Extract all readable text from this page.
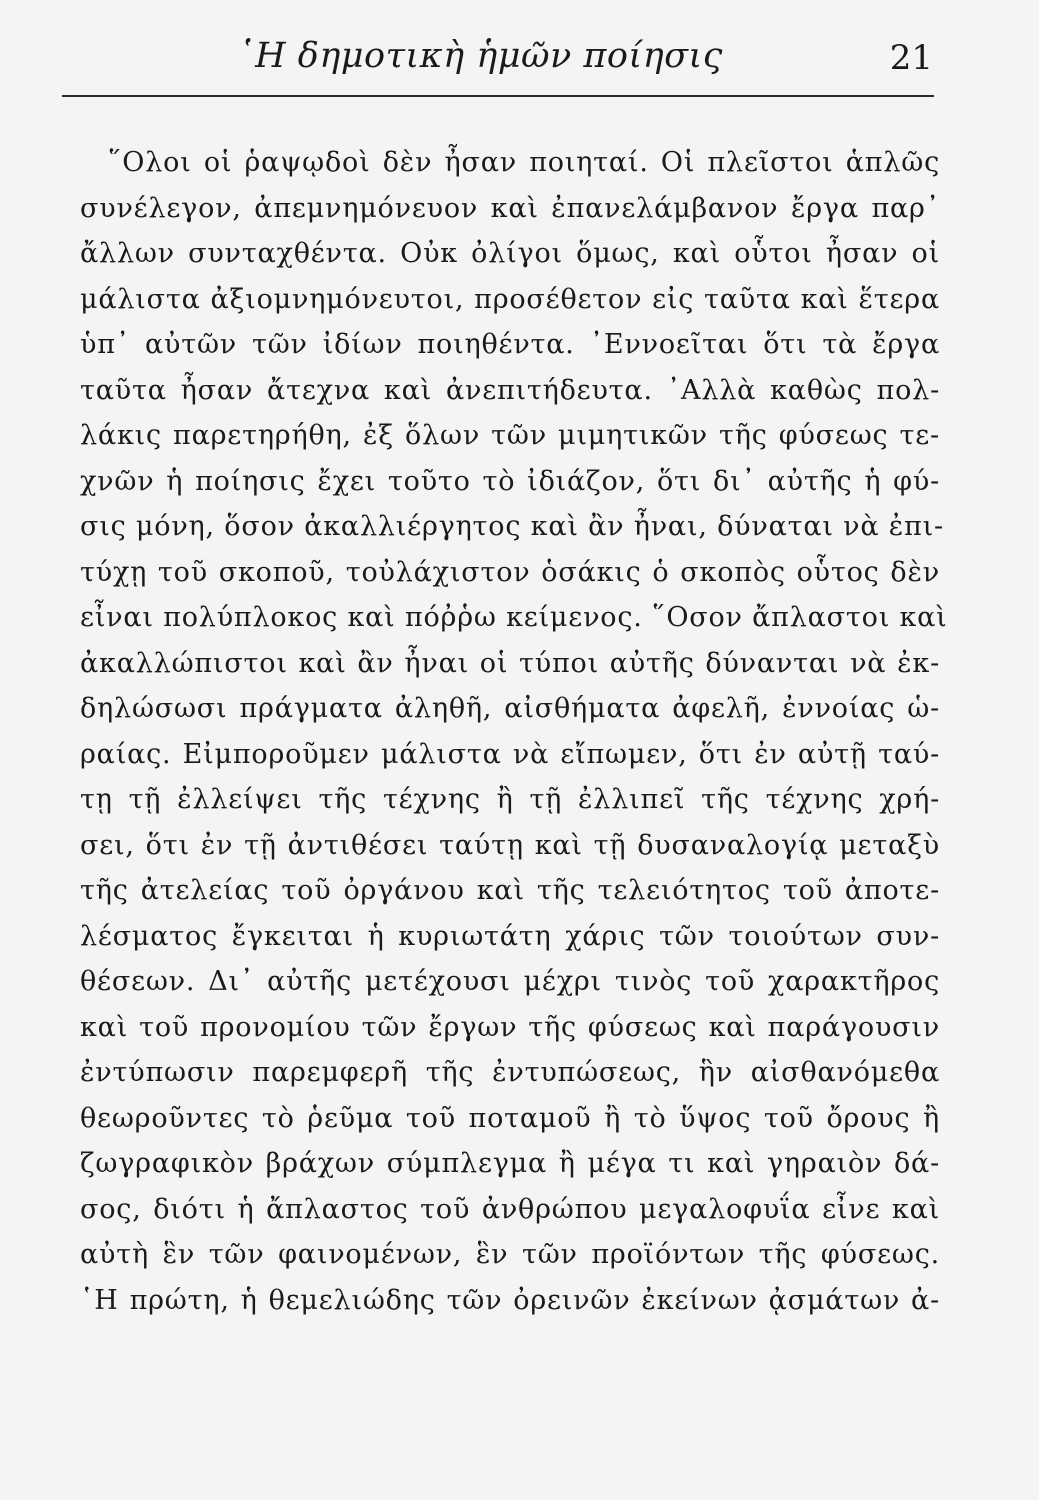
῾Η δημοτικὴ ἡμῶν ποίησις	21
῞Ολοι οἱ ῥαψῳδοὶ δὲν ἦσαν ποιηταί. Οἱ πλεῖστοι ἁπλῶς
συνέλεγον, ἀπεμνημόνευον καὶ ἐπανελάμβανον ἔργα παρ᾽
ἄλλων συνταχθέντα. Οὐκ ὀλίγοι ὅμως, καὶ οὗτοι ἦσαν οἱ
μάλιστα ἀξιομνημόνευτοι, προσέθετον εἰς ταῦτα καὶ ἕτερα
ὑπ᾽ αὐτῶν τῶν ἰδίων ποιηθέντα. ᾽Εννοεῖται ὅτι τὰ ἔργα
ταῦτα ἦσαν ἄτεχνα καὶ ἀνεπιτήδευτα. ᾽Αλλὰ καθὼς πολ-
λάκις παρετηρήθη, ἐξ ὅλων τῶν μιμητικῶν τῆς φύσεως τε-
χνῶν ἡ ποίησις ἔχει τοῦτο τὸ ἰδιάζον, ὅτι δι᾽ αὐτῆς ἡ φύ-
σις μόνη, ὅσον ἀκαλλιέργητος καὶ ἂν ἦναι, δύναται νὰ ἐπι-
τύχῃ τοῦ σκοποῦ, τοὐλάχιστον ὁσάκις ὁ σκοπὸς οὗτος δὲν
εἶναι πολύπλοκος καὶ πόῤῥω κείμενος. ῞Οσον ἄπλαστοι καὶ
ἀκαλλώπιστοι καὶ ἂν ἦναι οἱ τύποι αὐτῆς δύνανται νὰ ἐκ-
δηλώσωσι πράγματα ἀληθῆ, αἰσθήματα ἀφελῆ, ἐννοίας ὡ-
ραίας. Εἰμποροῦμεν μάλιστα νὰ εἴπωμεν, ὅτι ἐν αὐτῇ ταύ-
τῃ τῇ ἐλλείψει τῆς τέχνης ἢ τῇ ἐλλιπεῖ τῆς τέχνης χρή-
σει, ὅτι ἐν τῇ ἀντιθέσει ταύτῃ καὶ τῇ δυσαναλογίᾳ μεταξὺ
τῆς ἀτελείας τοῦ ὀργάνου καὶ τῆς τελειότητος τοῦ ἀποτε-
λέσματος ἔγκειται ἡ κυριωτάτη χάρις τῶν τοιούτων συν-
θέσεων. Δι᾽ αὐτῆς μετέχουσι μέχρι τινὸς τοῦ χαρακτῆρος
καὶ τοῦ προνομίου τῶν ἔργων τῆς φύσεως καὶ παράγουσιν
ἐντύπωσιν παρεμφερῆ τῆς ἐντυπώσεως, ἣν αἰσθανόμεθα
θεωροῦντες τὸ ῥεῦμα τοῦ ποταμοῦ ἢ τὸ ὕψος τοῦ ὄρους ἢ
ζωγραφικὸν βράχων σύμπλεγμα ἢ μέγα τι καὶ γηραιὸν δά-
σος, διότι ἡ ἄπλαστος τοῦ ἀνθρώπου μεγαλοφυΐα εἶνε καὶ
αὐτὴ ἓν τῶν φαινομένων, ἓν τῶν προϊόντων τῆς φύσεως.
῾Η πρώτη, ἡ θεμελιώδης τῶν ὀρεινῶν ἐκείνων ᾀσμάτων ἀ-
